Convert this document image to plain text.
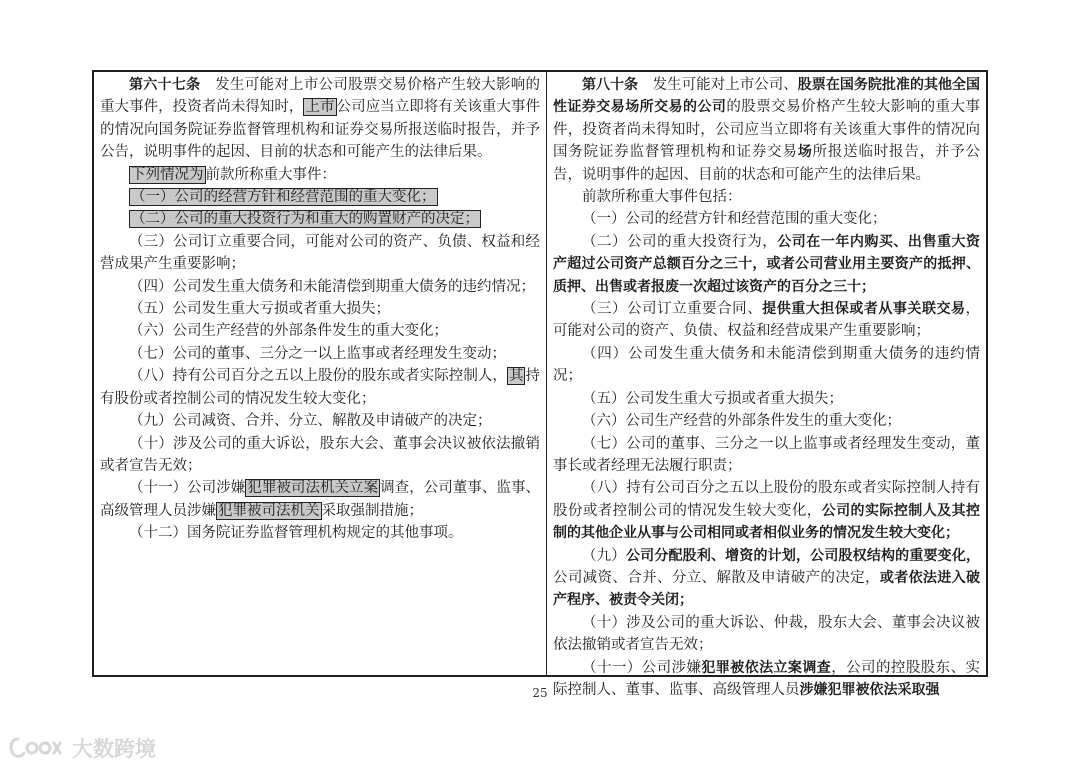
第六十七条　发生可能对上市公司股票交易价格产生较大影响的重大事件，投资者尚未得知时， 上市 公司应当立即将有关该重大事件的情况向国务院证券监督管理机构和证券交易所报送临时报告，并予公告，说明事件的起因、目前的状态和可能产生的法律后果。

下列情况为 前款所称重大事件：

（一）公司的经营方针和经营范围的重大变化；

（二）公司的重大投资行为和重大的购置财产的决定；

（三）公司订立重要合同，可能对公司的资产、负债、权益和经营成果产生重要影响；

（四）公司发生重大债务和未能清偿到期重大债务的违约情况；

（五）公司发生重大亏损或者重大损失；

（六）公司生产经营的外部条件发生的重大变化；

（七）公司的董事、三分之一以上监事或者经理发生变动；

（八）持有公司百分之五以上股份的股东或者实际控制人， 其 持有股份或者控制公司的情况发生较大变化；

（九）公司减资、合并、分立、解散及申请破产的决定；

（十）涉及公司的重大诉讼，股东大会、董事会决议被依法撤销或者宣告无效；

（十一）公司涉嫌 犯罪被司法机关立案 调查，公司董事、监事、高级管理人员涉嫌 犯罪被司法机关 采取强制措施；

（十二）国务院证券监督管理机构规定的其他事项。

第八十条　发生可能对上市公司、股票在国务院批准的其他全国性证券交易场所交易的公司的股票交易价格产生较大影响的重大事件，投资者尚未得知时，公司应当立即将有关该重大事件的情况向国务院证券监督管理机构和证券交易场所报送临时报告，并予公告，说明事件的起因、目前的状态和可能产生的法律后果。

前款所称重大事件包括：

（一）公司的经营方针和经营范围的重大变化；

（二）公司的重大投资行为，公司在一年内购买、出售重大资产超过公司资产总额百分之三十，或者公司营业用主要资产的抵押、质押、出售或者报废一次超过该资产的百分之三十；

（三）公司订立重要合同、提供重大担保或者从事关联交易，可能对公司的资产、负债、权益和经营成果产生重要影响；

（四）公司发生重大债务和未能清偿到期重大债务的违约情况；

（五）公司发生重大亏损或者重大损失；

（六）公司生产经营的外部条件发生的重大变化；

（七）公司的董事、三分之一以上监事或者经理发生变动，董事长或者经理无法履行职责；

（八）持有公司百分之五以上股份的股东或者实际控制人持有股份或者控制公司的情况发生较大变化，公司的实际控制人及其控制的其他企业从事与公司相同或者相似业务的情况发生较大变化；

（九）公司分配股利、增资的计划，公司股权结构的重要变化，公司减资、合并、分立、解散及申请破产的决定，或者依法进入破产程序、被责令关闭；

（十）涉及公司的重大诉讼、仲裁，股东大会、董事会决议被依法撤销或者宣告无效；

（十一）公司涉嫌犯罪被依法立案调查，公司的控股股东、实际控制人、董事、监事、高级管理人员涉嫌犯罪被依法采取强

25
大数跨境
